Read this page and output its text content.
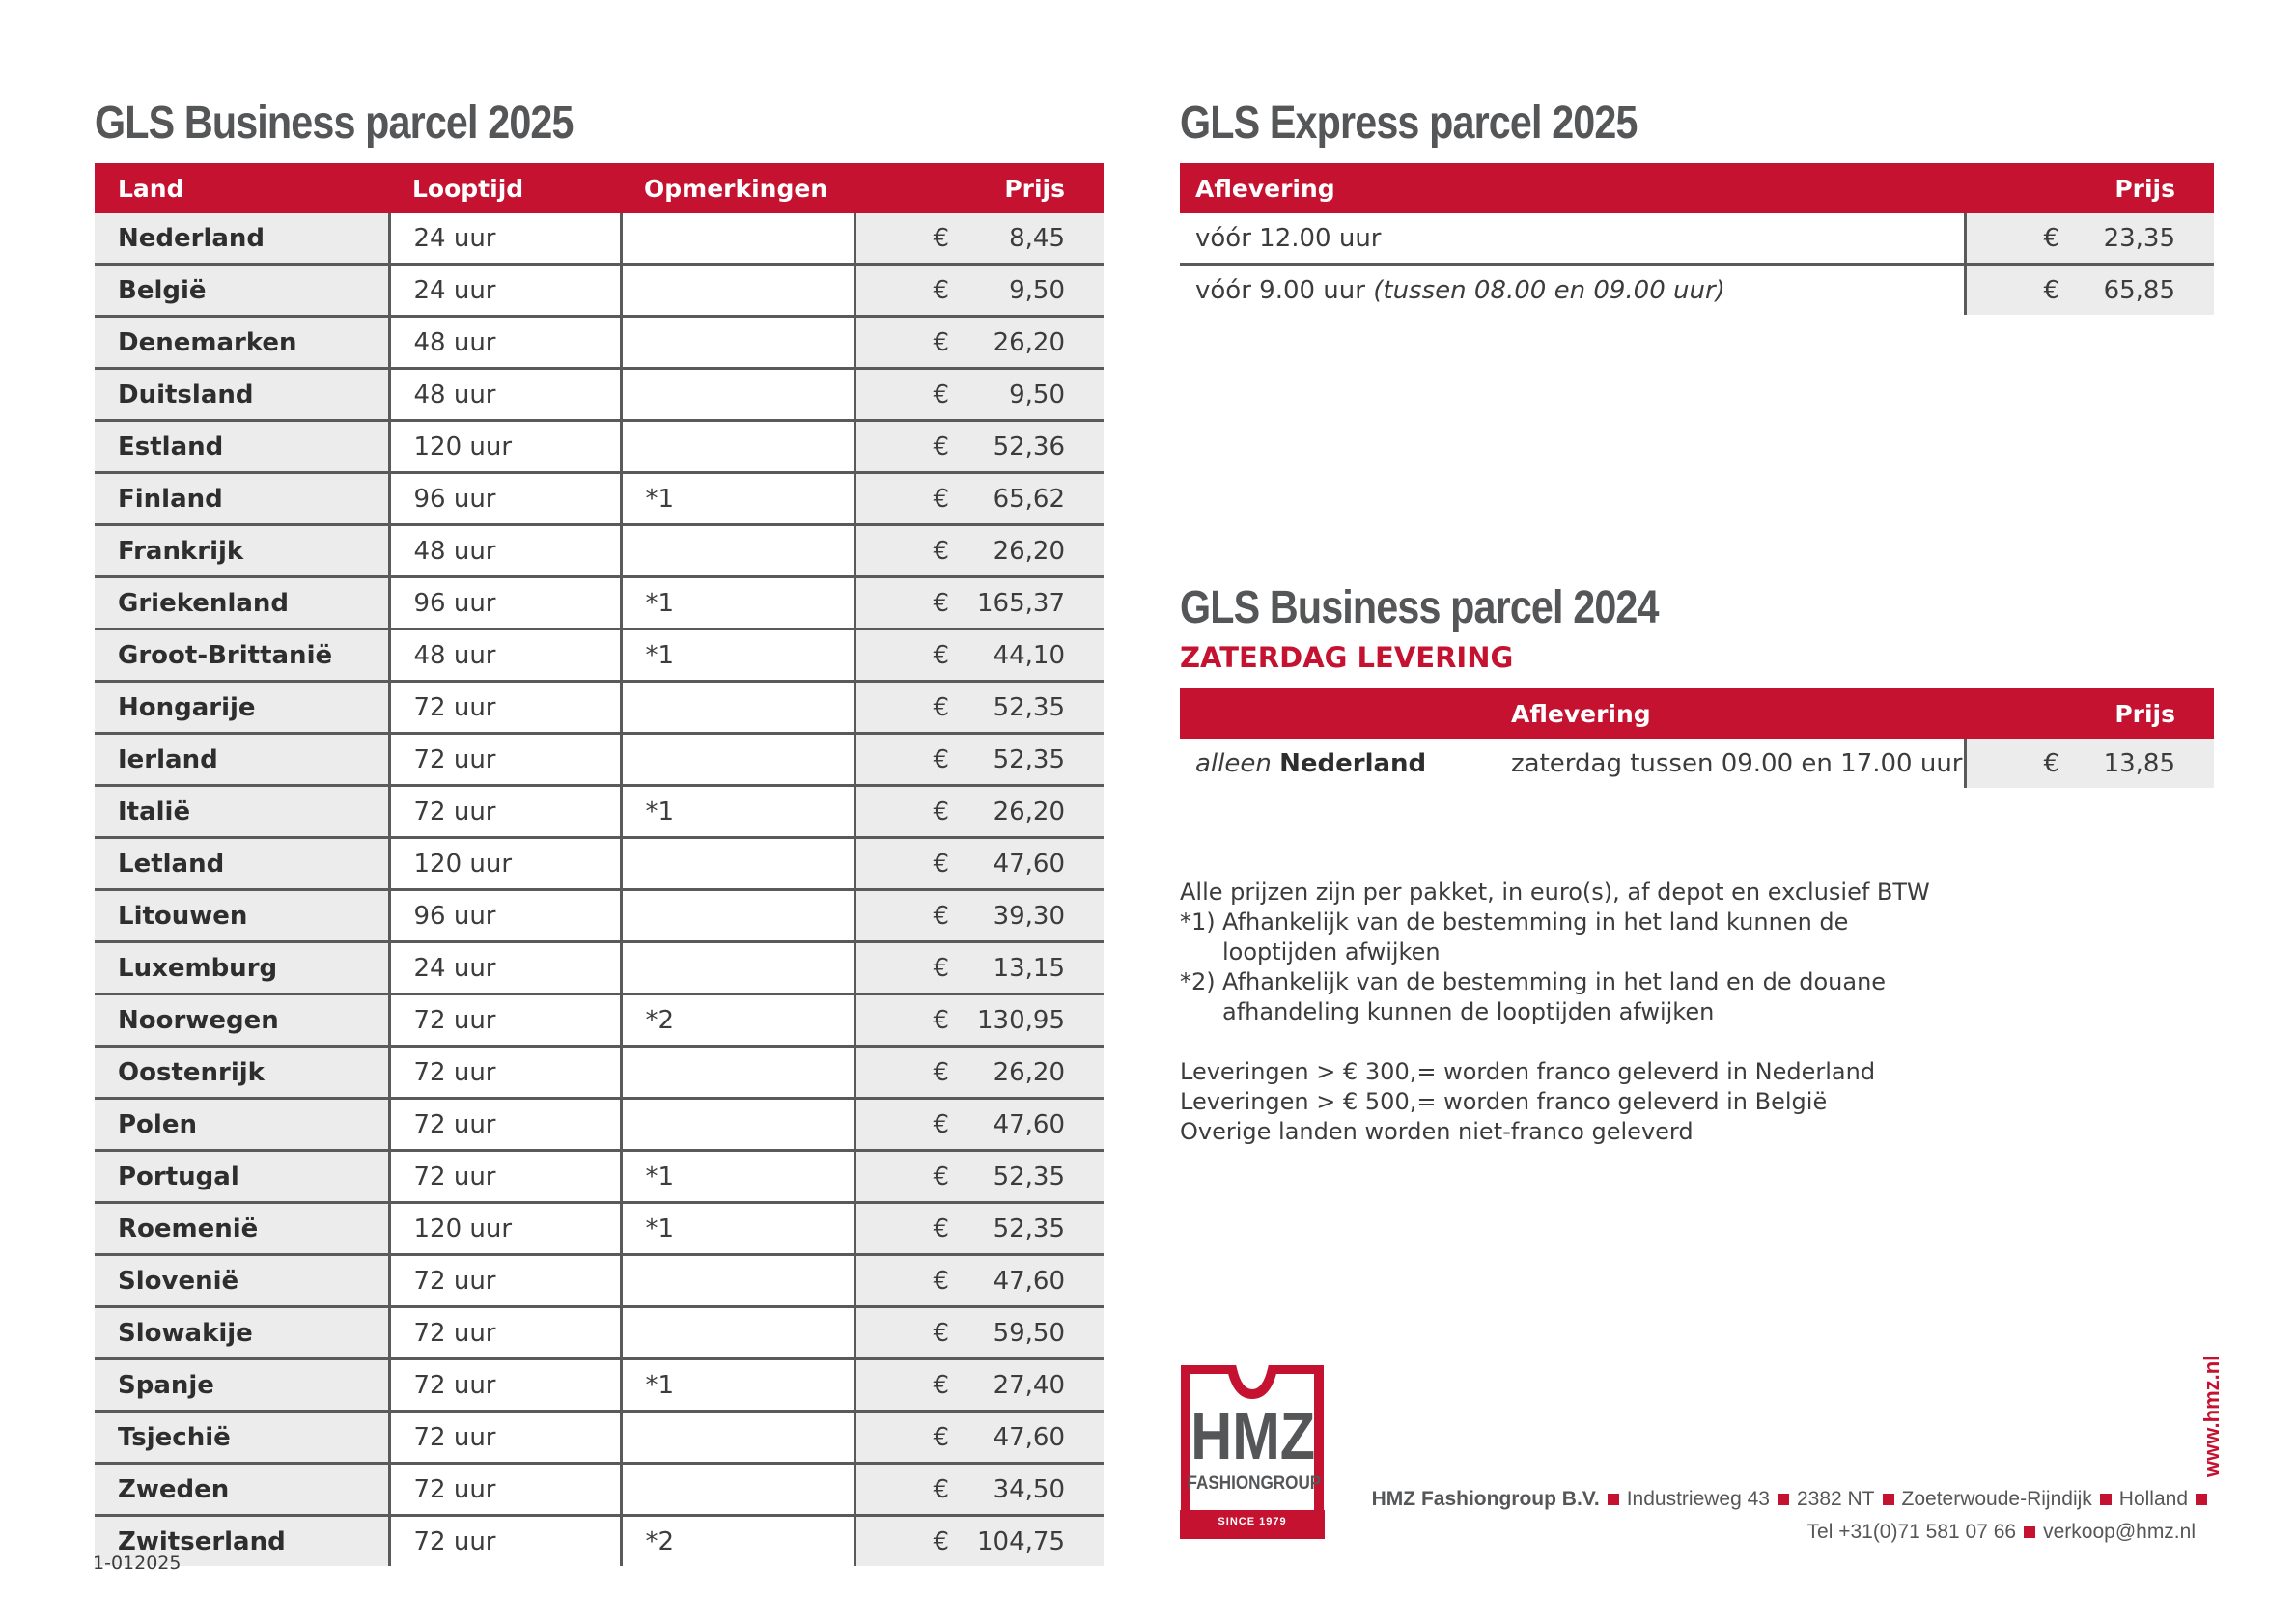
GLS Business parcel 2025
Land	Looptijd	Opmerkingen	Prijs
Nederland	24 uur		€ 8,45

België	24 uur		€ 9,50

Denemarken	48 uur		€ 26,20

Duitsland	48 uur		€ 9,50

Estland	120 uur		€ 52,36

Finland	96 uur	*1	€ 65,62

Frankrijk	48 uur		€ 26,20

Griekenland	96 uur	*1	€ 165,37

Groot-Brittanië	48 uur	*1	€ 44,10

Hongarije	72 uur		€ 52,35

Ierland	72 uur		€ 52,35

Italië	72 uur	*1	€ 26,20

Letland	120 uur		€ 47,60

Litouwen	96 uur		€ 39,30

Luxemburg	24 uur		€ 13,15

Noorwegen	72 uur	*2	€ 130,95

Oostenrijk	72 uur		€ 26,20

Polen	72 uur		€ 47,60

Portugal	72 uur	*1	€ 52,35

Roemenië	120 uur	*1	€ 52,35

Slovenië	72 uur		€ 47,60

Slowakije	72 uur		€ 59,50

Spanje	72 uur	*1	€ 27,40

Tsjechië	72 uur		€ 47,60

Zweden	72 uur		€ 34,50

Zwitserland	72 uur	*2	€ 104,75
GLS Express parcel 2025
Aflevering	Prijs
vóór 12.00 uur	€ 23,35

vóór 9.00 uur (tussen 08.00 en 09.00 uur)	€ 65,85
GLS Business parcel 2024
ZATERDAG LEVERING
	Aflevering	Prijs
alleen Nederland	zaterdag tussen 09.00 en 17.00 uur	€ 13,85
Alle prijzen zijn per pakket, in euro(s), af depot en exclusief BTW
*1) Afhankelijk van de bestemming in het land kunnen de
looptijden afwijken
*2) Afhankelijk van de bestemming in het land en de douane
afhandeling kunnen de looptijden afwijken
Leveringen > € 300,= worden franco geleverd in Nederland
Leveringen > € 500,= worden franco geleverd in België
Overige landen worden niet-franco geleverd
HMZ
FASHIONGROUP
SINCE 1979
www.hmz.nl
HMZ Fashiongroup B.V. Industrieweg 43 2382 NT Zoeterwoude-Rijndijk Holland
Tel +31(0)71 581 07 66 verkoop@hmz.nl
1-012025
